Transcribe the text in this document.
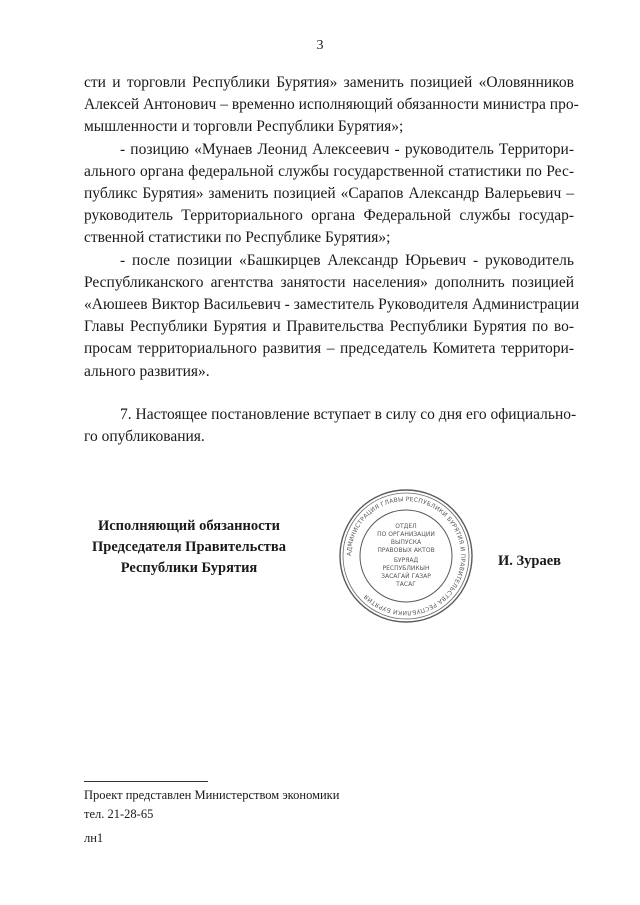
3
сти и торговли Республики Бурятия» заменить позицией «Оловянников
Алексей Антонович – временно исполняющий обязанности министра про-
мышленности и торговли Республики Бурятия»;
- позицию «Мунаев Леонид Алексеевич - руководитель Территори-
ального органа федеральной службы государственной статистики по Рес-
публикс Бурятия» заменить позицией «Сарапов Александр Валерьевич –
руководитель Территориального органа Федеральной службы государ-
ственной статистики по Республике Бурятия»;
- после позиции «Башкирцев Александр Юрьевич - руководитель
Республиканского агентства занятости населения» дополнить позицией
«Аюшеев Виктор Васильевич - заместитель Руководителя Администрации
Главы Республики Бурятия и Правительства Республики Бурятия по во-
просам территориального развития – председатель Комитета территори-
ального развития».
7. Настоящее постановление вступает в силу со дня его официально-
го опубликования.
Исполняющий обязанности
Председателя Правительства
Республики Бурятия
АДМИНИСТРАЦИЯ ГЛАВЫ РЕСПУБЛИКИ БУРЯТИЯ И ПРАВИТЕЛЬСТВА РЕСПУБЛИКИ БУРЯТИЯ
ОТДЕЛ
ПО ОРГАНИЗАЦИИ
ВЫПУСКА
ПРАВОВЫХ АКТОВ
БУРЯАД
РЕСПУБЛИКЫН
ЗАСАГАЙ ГАЗАР
ТАСАГ
И. Зураев
Проект представлен Министерством экономики
тел. 21-28-65
лн1
